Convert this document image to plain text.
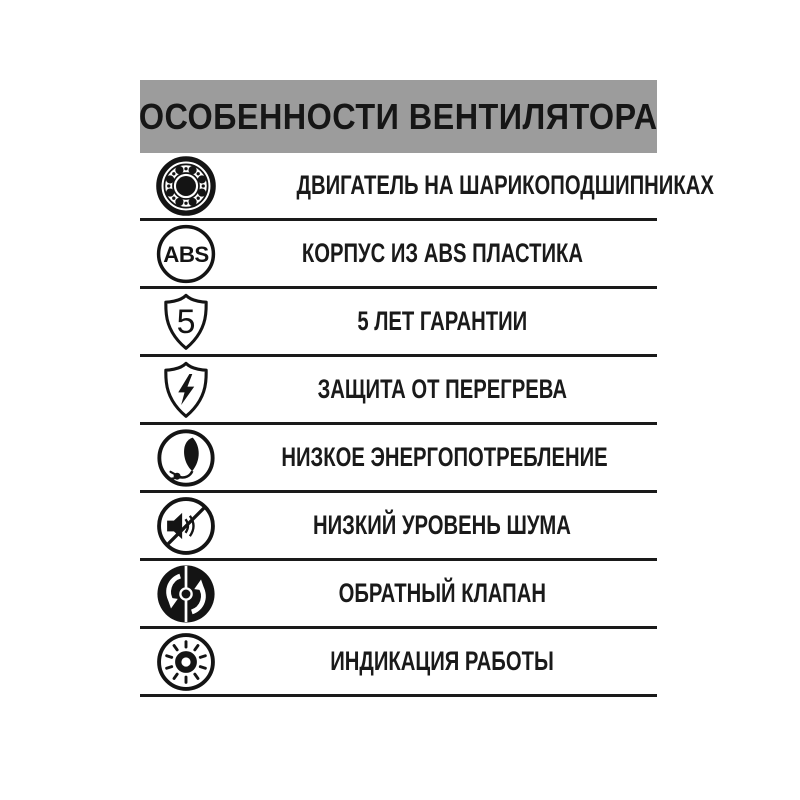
ОСОБЕННОСТИ ВЕНТИЛЯТОРА
ДВИГАТЕЛЬ НА ШАРИКОПОДШИПНИКАХ
ABS	КОРПУС ИЗ ABS ПЛАСТИКА
5	5 ЛЕТ ГАРАНТИИ
ЗАЩИТА ОТ ПЕРЕГРЕВА
НИЗКОЕ ЭНЕРГОПОТРЕБЛЕНИЕ
НИЗКИЙ УРОВЕНЬ ШУМА
ОБРАТНЫЙ КЛАПАН
ИНДИКАЦИЯ РАБОТЫ
